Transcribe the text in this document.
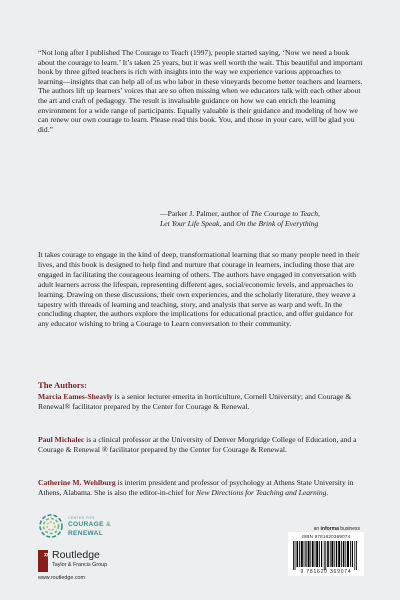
“Not long after I published The Courage to Teach (1997), people started saying, ‘Now we need a book about the courage to learn.’ It’s taken 25 years, but it was well worth the wait. This beautiful and important book by three gifted teachers is rich with insights into the way we experience various approaches to learning—insights that can help all of us who labor in these vineyards become better teachers and learners. The authors lift up learners’ voices that are so often missing when we educators talk with each other about the art and craft of pedagogy. The result is invaluable guidance on how we can enrich the learning environment for a wide range of participants. Equally valuable is their guidance and modeling of how we can renew our own courage to learn. Please read this book. You, and those in your care, will be glad you did.”

—Parker J. Palmer, author of The Courage to Teach,
Let Your Life Speak, and On the Brink of Everything

It takes courage to engage in the kind of deep, transformational learning that so many people need in their lives, and this book is designed to help find and nurture that courage in learners, including those that are engaged in facilitating the courageous learning of others. The authors have engaged in conversation with adult learners across the lifespan, representing different ages, social/economic levels, and approaches to learning. Drawing on these discussions, their own experiences, and the scholarly literature, they weave a tapestry with threads of learning and teaching, story, and analysis that serve as warp and weft. In the concluding chapter, the authors explore the implications for educational practice, and offer guidance for any educator wishing to bring a Courage to Learn conversation to their community.

The Authors:
Marcia Eames-Sheavly is a senior lecturer emerita in horticulture, Cornell University; and Courage & Renewal® facilitator prepared by the Center for Courage & Renewal.
Paul Michalec is a clinical professor at the University of Denver Morgridge College of Education, and a Courage & Renewal ® facilitator prepared by the Center for Courage & Renewal.
Catherine M. Wehlburg is interim president and professor of psychology at Athens State University in Athens, Alabama. She is also the editor-in-chief for New Directions for Teaching and Learning.
CENTER FOR
COURAGE &
RENEWAL
an informa business
ISBN 9781620369074
9 781620 369074
R Routledge
Taylor & Francis Group
www.routledge.com
